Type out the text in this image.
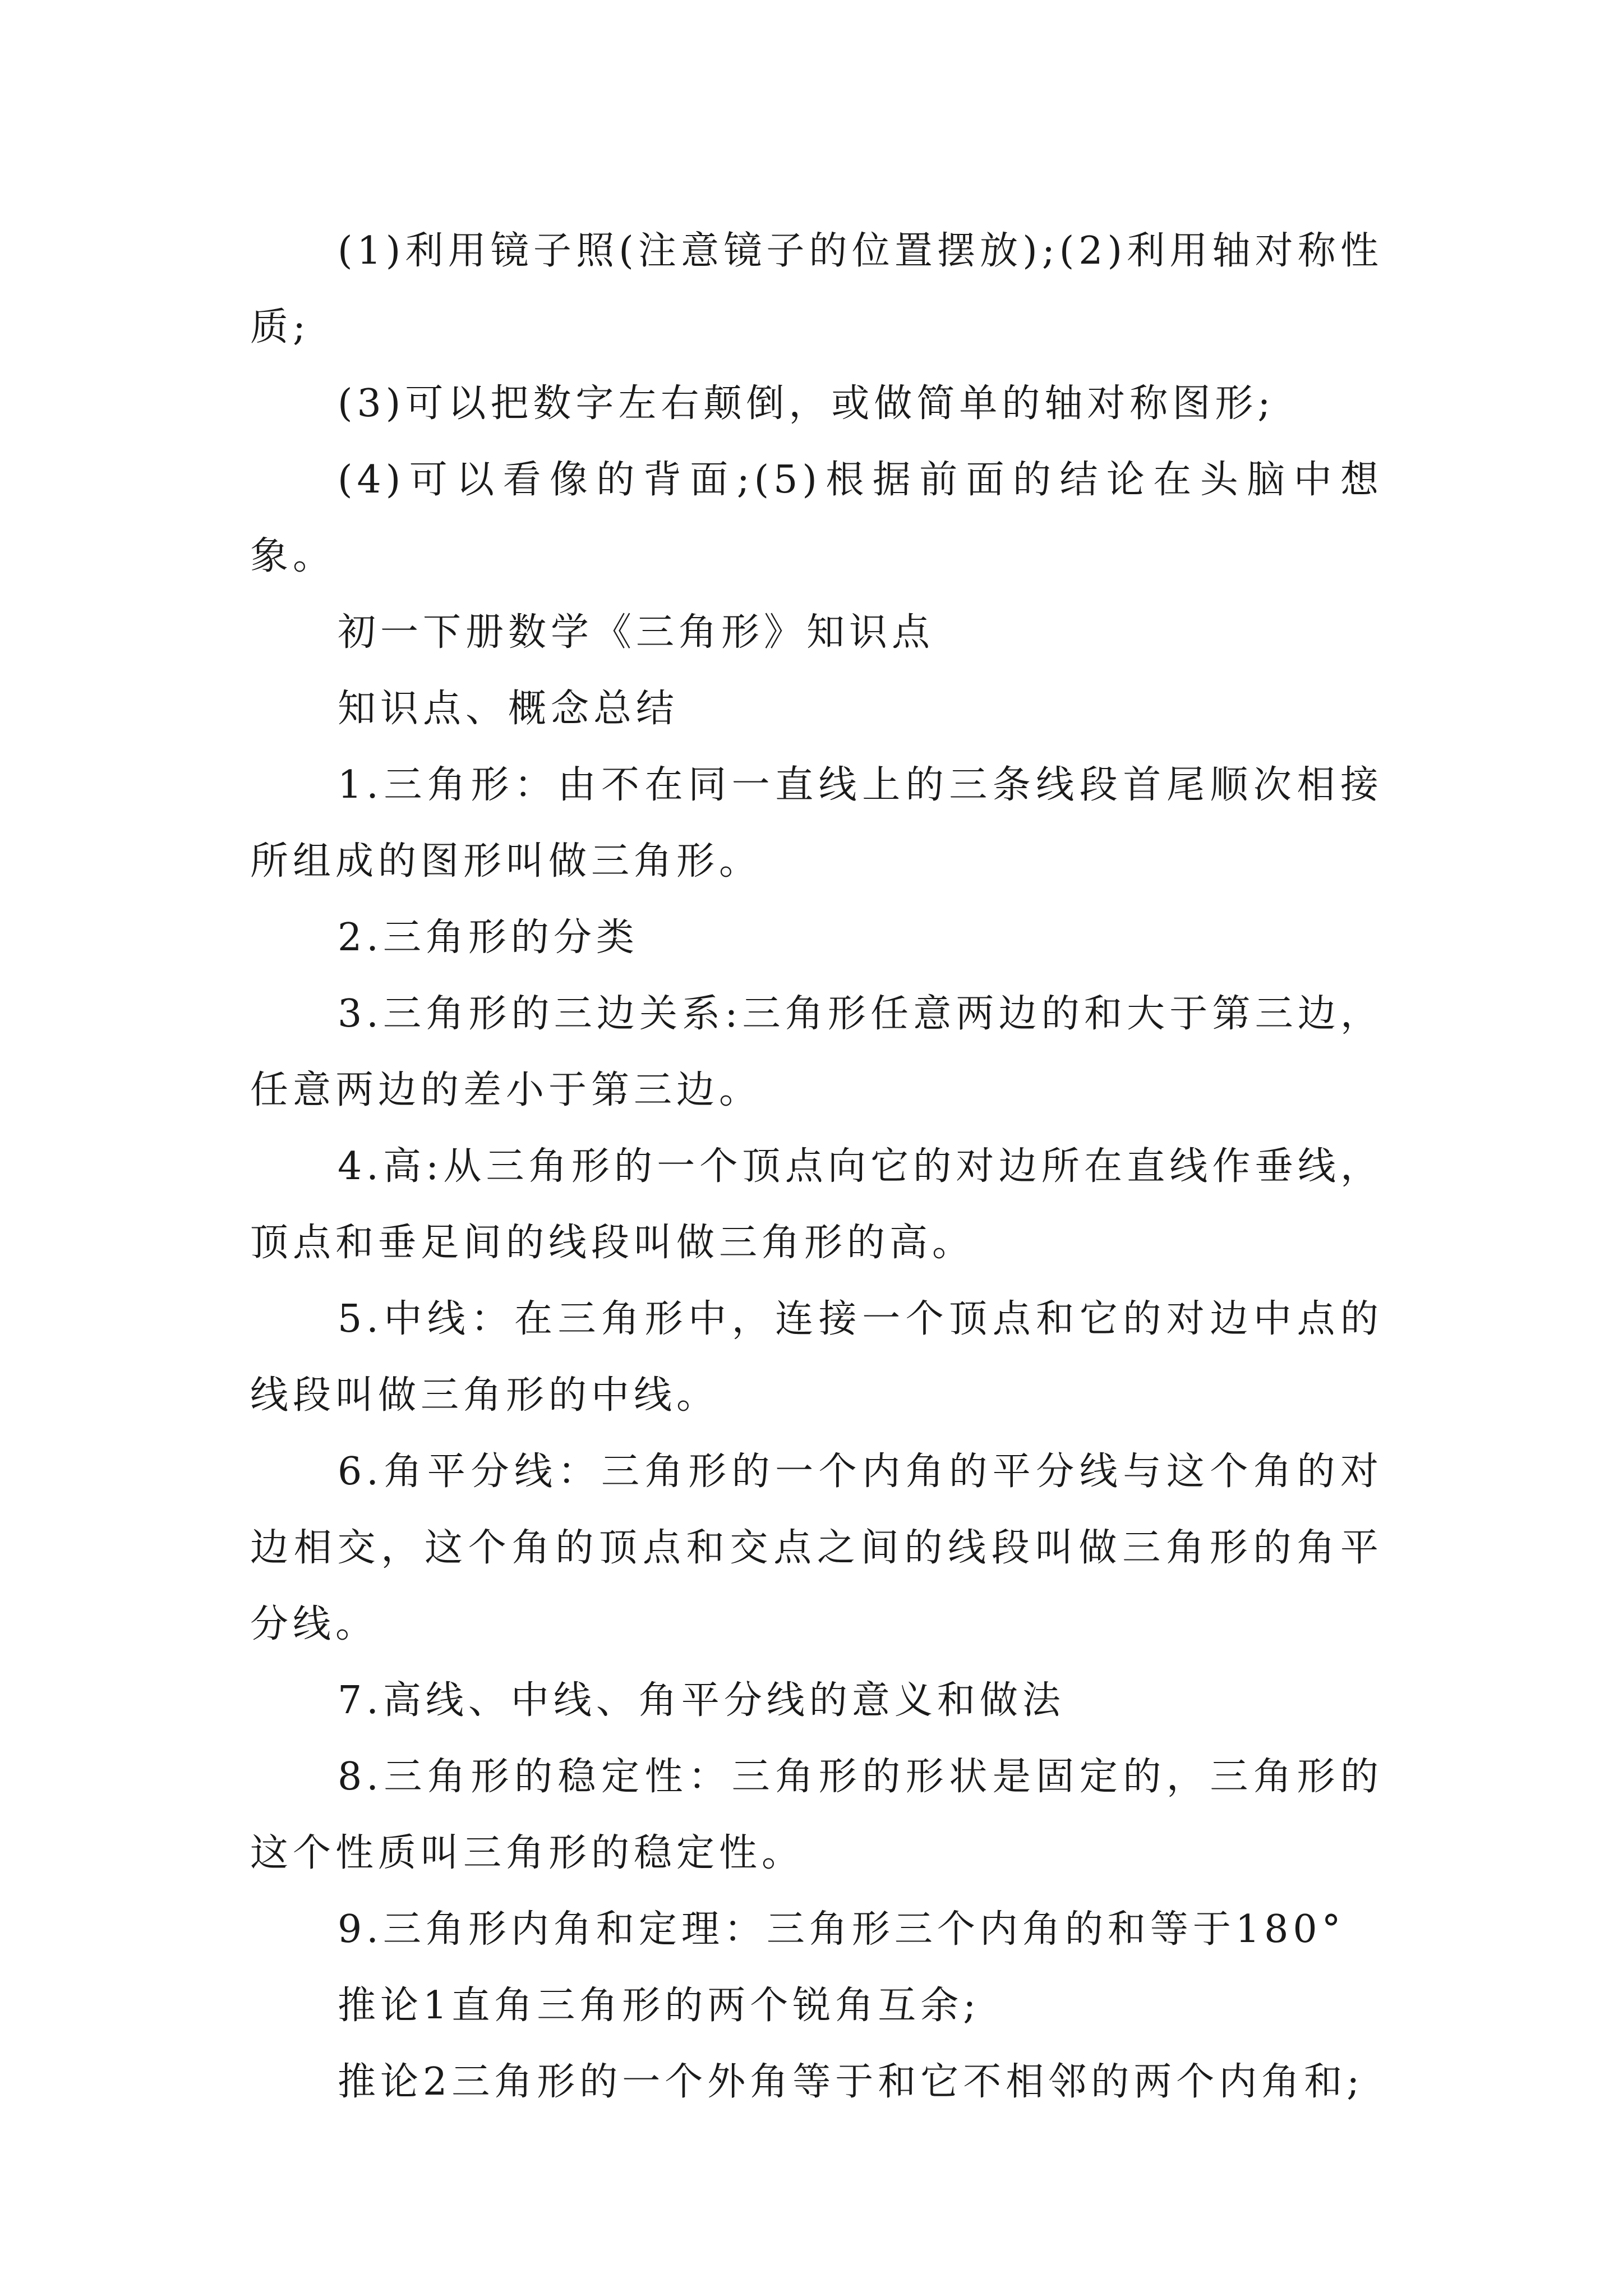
(1)利用镜子照(注意镜子的位置摆放);(2)利用轴对称性质;

(3)可以把数字左右颠倒，或做简单的轴对称图形;

(4)可以看像的背面;(5)根据前面的结论在头脑中想象。

初一下册数学《三角形》知识点

知识点、概念总结

1.三角形：由不在同一直线上的三条线段首尾顺次相接所组成的图形叫做三角形。

2.三角形的分类

3.三角形的三边关系:三角形任意两边的和大于第三边，任意两边的差小于第三边。

4.高:从三角形的一个顶点向它的对边所在直线作垂线，顶点和垂足间的线段叫做三角形的高。

5.中线：在三角形中，连接一个顶点和它的对边中点的线段叫做三角形的中线。

6.角平分线：三角形的一个内角的平分线与这个角的对边相交，这个角的顶点和交点之间的线段叫做三角形的角平分线。

7.高线、中线、角平分线的意义和做法

8.三角形的稳定性：三角形的形状是固定的，三角形的这个性质叫三角形的稳定性。

9.三角形内角和定理：三角形三个内角的和等于180°

推论1直角三角形的两个锐角互余;

推论2三角形的一个外角等于和它不相邻的两个内角和;
